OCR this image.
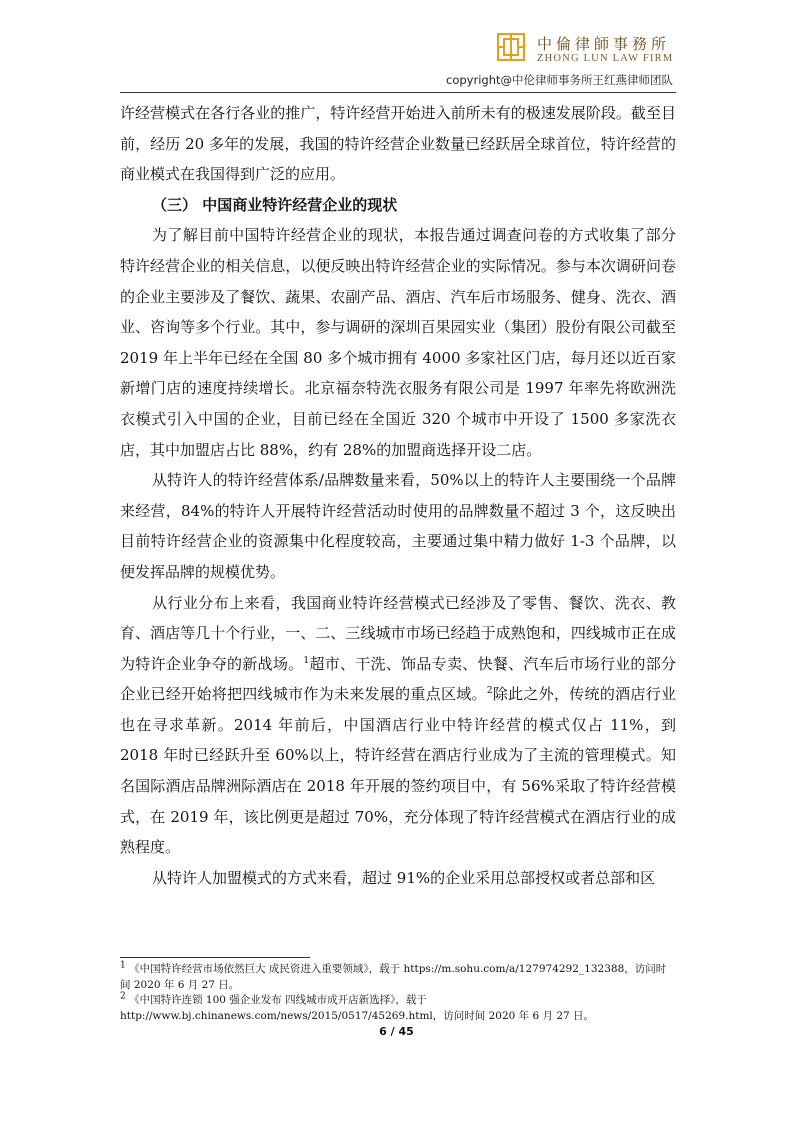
中倫律師事務所
ZHONG LUN LAW FIRM
copyright@中伦律师事务所王红燕律师团队

许经营模式在各行各业的推广，特许经营开始进入前所未有的极速发展阶段。截至目前，经历 20 多年的发展，我国的特许经营企业数量已经跃居全球首位，特许经营的商业模式在我国得到广泛的应用。

（三） 中国商业特许经营企业的现状

为了解目前中国特许经营企业的现状，本报告通过调查问卷的方式收集了部分特许经营企业的相关信息，以便反映出特许经营企业的实际情况。参与本次调研问卷的企业主要涉及了餐饮、蔬果、农副产品、酒店、汽车后市场服务、健身、洗衣、酒业、咨询等多个行业。其中，参与调研的深圳百果园实业（集团）股份有限公司截至 2019 年上半年已经在全国 80 多个城市拥有 4000 多家社区门店，每月还以近百家新增门店的速度持续增长。北京福奈特洗衣服务有限公司是 1997 年率先将欧洲洗衣模式引入中国的企业，目前已经在全国近 320 个城市中开设了 1500 多家洗衣店，其中加盟店占比 88%，约有 28%的加盟商选择开设二店。

从特许人的特许经营体系/品牌数量来看，50%以上的特许人主要围绕一个品牌来经营，84%的特许人开展特许经营活动时使用的品牌数量不超过 3 个，这反映出目前特许经营企业的资源集中化程度较高，主要通过集中精力做好 1-3 个品牌，以便发挥品牌的规模优势。

从行业分布上来看，我国商业特许经营模式已经涉及了零售、餐饮、洗衣、教育、酒店等几十个行业，一、二、三线城市市场已经趋于成熟饱和，四线城市正在成为特许企业争夺的新战场。$^1$超市、干洗、饰品专卖、快餐、汽车后市场行业的部分企业已经开始将把四线城市作为未来发展的重点区域。$^2$除此之外，传统的酒店行业也在寻求革新。2014 年前后，中国酒店行业中特许经营的模式仅占 11%，到 2018 年时已经跃升至 60%以上，特许经营在酒店行业成为了主流的管理模式。知名国际酒店品牌洲际酒店在 2018 年开展的签约项目中，有 56%采取了特许经营模式，在 2019 年，该比例更是超过 70%，充分体现了特许经营模式在酒店行业的成熟程度。

从特许人加盟模式的方式来看，超过 91%的企业采用总部授权或者总部和区

$^1$ 《中国特许经营市场依然巨大 成民资进入重要领域》，载于 https://m.sohu.com/a/127974292_132388，访问时间 2020 年 6 月 27 日。

$^2$ 《中国特许连锁 100 强企业发布 四线城市成开店新选择》，载于 http://www.bj.chinanews.com/news/2015/0517/45269.html，访问时间 2020 年 6 月 27 日。

6 / 45
